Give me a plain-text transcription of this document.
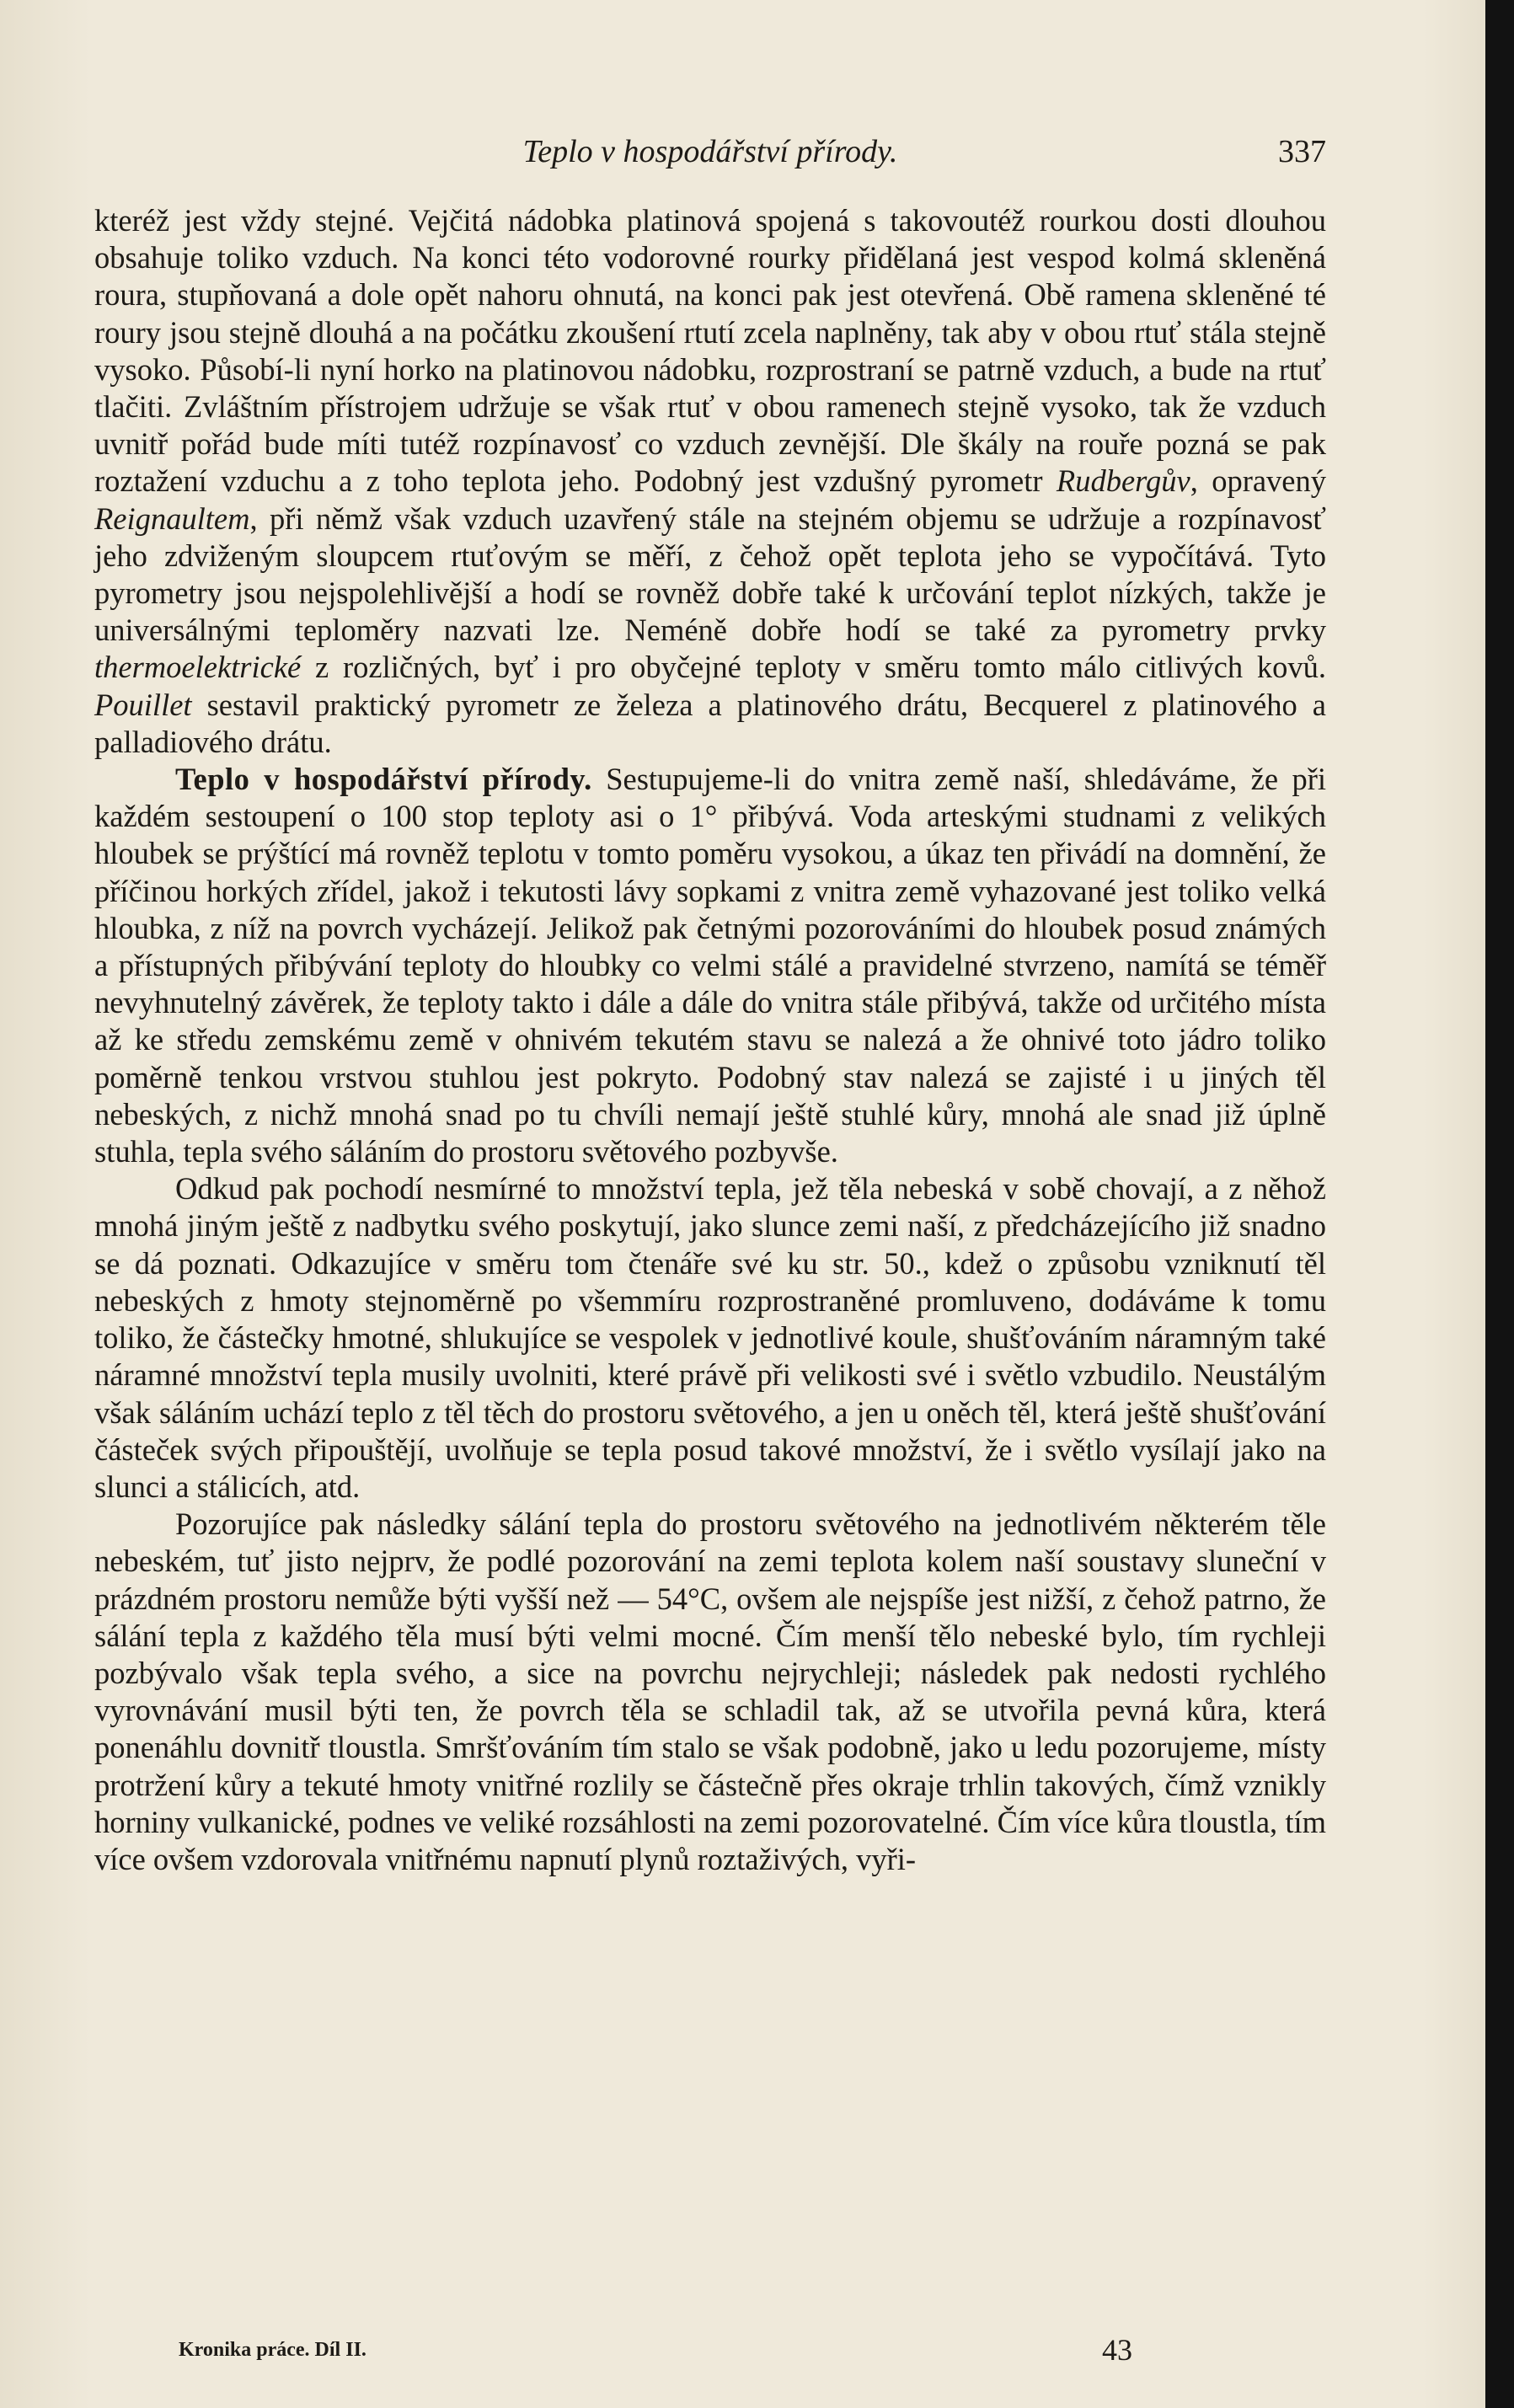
Teplo v hospodářství přírody.	337

kteréž jest vždy stejné. Vejčitá nádobka platinová spojená s takovoutéž rourkou dosti dlouhou obsahuje toliko vzduch. Na konci této vodorovné rourky přidělaná jest vespod kolmá skleněná roura, stupňovaná a dole opět nahoru ohnutá, na konci pak jest otevřená. Obě ramena skleněné té roury jsou stejně dlouhá a na počátku zkoušení rtutí zcela naplněny, tak aby v obou rtuť stála stejně vysoko. Působí-li nyní horko na platinovou nádobku, rozprostraní se patrně vzduch, a bude na rtuť tlačiti. Zvláštním přístrojem udržuje se však rtuť v obou ramenech stejně vysoko, tak že vzduch uvnitř pořád bude míti tutéž rozpínavosť co vzduch zevnější. Dle škály na rouře pozná se pak roztažení vzduchu a z toho teplota jeho. Podobný jest vzdušný pyrometr Rudbergův, opravený Reignaultem, při němž však vzduch uzavřený stále na stejném objemu se udržuje a rozpínavosť jeho zdviženým sloupcem rtuťovým se měří, z čehož opět teplota jeho se vypočítává. Tyto pyrometry jsou nejspolehlivější a hodí se rovněž dobře také k určování teplot nízkých, takže je universálnými teploměry nazvati lze. Neméně dobře hodí se také za pyrometry prvky thermoelektrické z rozličných, byť i pro obyčejné teploty v směru tomto málo citlivých kovů. Pouillet sestavil praktický pyrometr ze železa a platinového drátu, Becquerel z platinového a palladiového drátu.

Teplo v hospodářství přírody. Sestupujeme-li do vnitra země naší, shledáváme, že při každém sestoupení o 100 stop teploty asi o 1° přibývá. Voda arteskými studnami z velikých hloubek se prýštící má rovněž teplotu v tomto poměru vysokou, a úkaz ten přivádí na domnění, že příčinou horkých zřídel, jakož i tekutosti lávy sopkami z vnitra země vyhazované jest toliko velká hloubka, z níž na povrch vycházejí. Jelikož pak četnými pozorováními do hloubek posud známých a přístupných přibývání teploty do hloubky co velmi stálé a pravidelné stvrzeno, namítá se téměř nevyhnutelný závěrek, že teploty takto i dále a dále do vnitra stále přibývá, takže od určitého místa až ke středu zemskému země v ohnivém tekutém stavu se nalezá a že ohnivé toto jádro toliko poměrně tenkou vrstvou stuhlou jest pokryto. Podobný stav nalezá se zajisté i u jiných těl nebeských, z nichž mnohá snad po tu chvíli nemají ještě stuhlé kůry, mnohá ale snad již úplně stuhla, tepla svého sáláním do prostoru světového pozbyvše.

Odkud pak pochodí nesmírné to množství tepla, jež těla nebeská v sobě chovají, a z něhož mnohá jiným ještě z nadbytku svého poskytují, jako slunce zemi naší, z předcházejícího již snadno se dá poznati. Odkazujíce v směru tom čtenáře své ku str. 50., kdež o způsobu vzniknutí těl nebeských z hmoty stejnoměrně po všemmíru rozprostraněné promluveno, dodáváme k tomu toliko, že částečky hmotné, shlukujíce se vespolek v jednotlivé koule, shušťováním náramným také náramné množství tepla musily uvolniti, které právě při velikosti své i světlo vzbudilo. Neustálým však sáláním uchází teplo z těl těch do prostoru světového, a jen u oněch těl, která ještě shušťování částeček svých připouštějí, uvolňuje se tepla posud takové množství, že i světlo vysílají jako na slunci a stálicích, atd.

Pozorujíce pak následky sálání tepla do prostoru světového na jednotlivém některém těle nebeském, tuť jisto nejprv, že podlé pozorování na zemi teplota kolem naší soustavy sluneční v prázdném prostoru nemůže býti vyšší než — 54°C, ovšem ale nejspíše jest nižší, z čehož patrno, že sálání tepla z každého těla musí býti velmi mocné. Čím menší tělo nebeské bylo, tím rychleji pozbývalo však tepla svého, a sice na povrchu nejrychleji; následek pak nedosti rychlého vyrovnávání musil býti ten, že povrch těla se schladil tak, až se utvořila pevná kůra, která ponenáhlu dovnitř tloustla. Smršťováním tím stalo se však podobně, jako u ledu pozorujeme, místy protržení kůry a tekuté hmoty vnitřné rozlily se částečně přes okraje trhlin takových, čímž vznikly horniny vulkanické, podnes ve veliké rozsáhlosti na zemi pozorovatelné. Čím více kůra tloustla, tím více ovšem vzdorovala vnitřnému napnutí plynů roztaživých, vyři-

Kronika práce. Díl II.	43
